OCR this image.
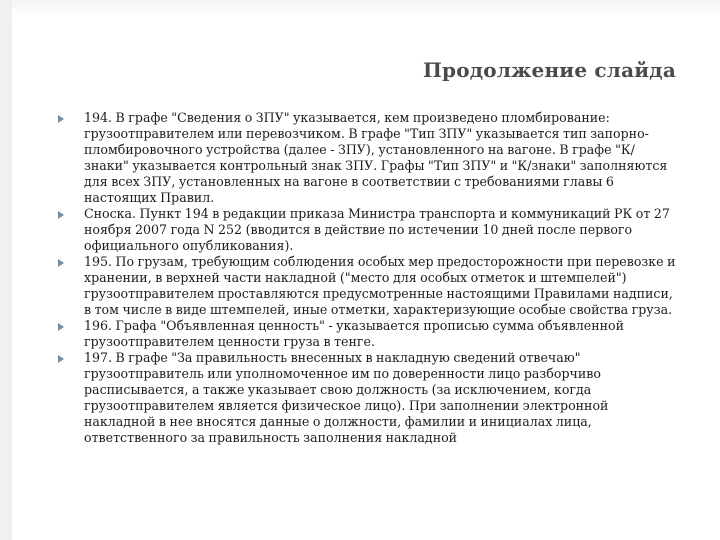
Продолжение слайда
194. В графе "Сведения о ЗПУ" указывается, кем произведено пломбирование: грузоотправителем или перевозчиком. В графе "Тип ЗПУ" указывается тип запорно-пломбировочного устройства (далее - ЗПУ), установленного на вагоне. В графе "К/знаки" указывается контрольный знак ЗПУ. Графы "Тип ЗПУ" и "К/знаки" заполняются для всех ЗПУ, установленных на вагоне в соответствии с требованиями главы 6 настоящих Правил.
Сноска. Пункт 194 в редакции приказа Министра транспорта и коммуникаций РК от 27 ноября 2007 года N 252 (вводится в действие по истечении 10 дней после первого официального опубликования).
195. По грузам, требующим соблюдения особых мер предосторожности при перевозке и хранении, в верхней части накладной ("место для особых отметок и штемпелей") грузоотправителем проставляются предусмотренные настоящими Правилами надписи, в том числе в виде штемпелей, иные отметки, характеризующие особые свойства груза.
196. Графа "Объявленная ценность" - указывается прописью сумма объявленной грузоотправителем ценности груза в тенге.
197. В графе "За правильность внесенных в накладную сведений отвечаю" грузоотправитель или уполномоченное им по доверенности лицо разборчиво расписывается, а также указывает свою должность (за исключением, когда грузоотправителем является физическое лицо). При заполнении электронной накладной в нее вносятся данные о должности, фамилии и инициалах лица, ответственного за правильность заполнения накладной
